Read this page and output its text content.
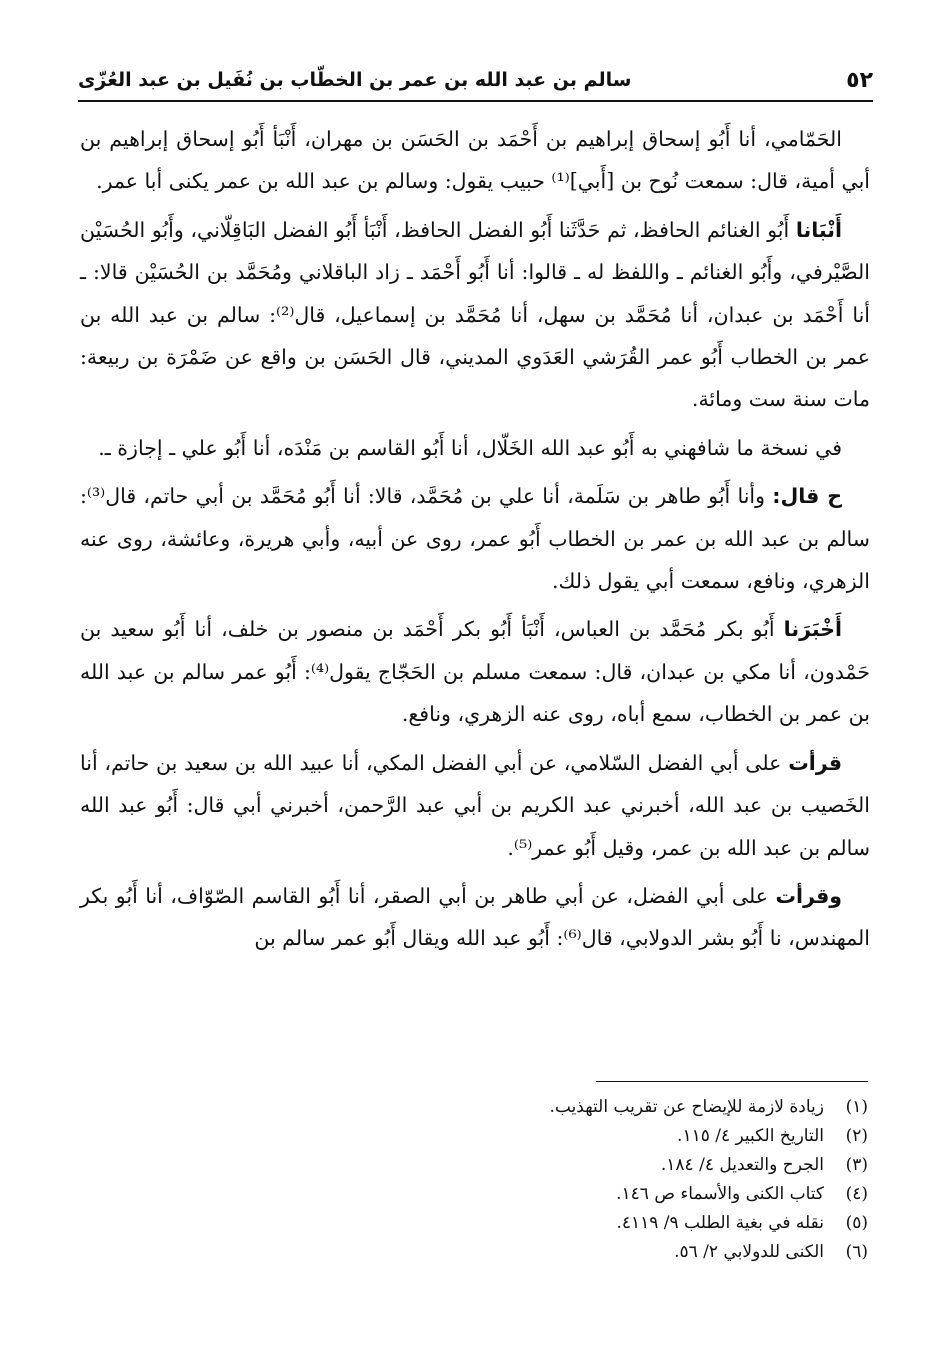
٥٢
سالم بن عبد الله بن عمر بن الخطّاب بن نُفَيل بن عبد العُزّى

الحَمّامي، أنا أَبُو إسحاق إبراهيم بن أَحْمَد بن الحَسَن بن مهران، أَنْبَأ أَبُو إسحاق إبراهيم بن أبي أمية، قال: سمعت نُوح بن [أَبي]⁽¹⁾ حبيب يقول: وسالم بن عبد الله بن عمر يكنى أبا عمر.

أَنْبَانا أَبُو الغنائم الحافظ، ثم حَدَّثَنا أَبُو الفضل الحافظ، أَنْبَأ أَبُو الفضل البَاقِلّاني، وأَبُو الحُسَيْن الصَّيْرفي، وأَبُو الغنائم ـ واللفظ له ـ قالوا: أنا أَبُو أَحْمَد ـ زاد الباقلاني ومُحَمَّد بن الحُسَيْن قالا: ـ أنا أَحْمَد بن عبدان، أنا مُحَمَّد بن سهل، أنا مُحَمَّد بن إسماعيل، قال⁽²⁾: سالم بن عبد الله بن عمر بن الخطاب أَبُو عمر القُرَشي العَدَوي المديني، قال الحَسَن بن واقع عن ضَمْرَة بن ربيعة: مات سنة ست ومائة.

في نسخة ما شافهني به أَبُو عبد الله الخَلّال، أنا أَبُو القاسم بن مَنْدَه، أنا أَبُو علي ـ إجازة ـ.

ح قال: وأنا أَبُو طاهر بن سَلَمة، أنا علي بن مُحَمَّد، قالا: أنا أَبُو مُحَمَّد بن أبي حاتم، قال⁽³⁾: سالم بن عبد الله بن عمر بن الخطاب أَبُو عمر، روى عن أبيه، وأبي هريرة، وعائشة، روى عنه الزهري، ونافع، سمعت أبي يقول ذلك.

أَخْبَرَنا أَبُو بكر مُحَمَّد بن العباس، أَنْبَأ أَبُو بكر أَحْمَد بن منصور بن خلف، أنا أَبُو سعيد بن حَمْدون، أنا مكي بن عبدان، قال: سمعت مسلم بن الحَجّاج يقول⁽⁴⁾: أَبُو عمر سالم بن عبد الله بن عمر بن الخطاب، سمع أباه، روى عنه الزهري، ونافع.

قرأت على أبي الفضل السّلامي، عن أبي الفضل المكي، أنا عبيد الله بن سعيد بن حاتم، أنا الخَصيب بن عبد الله، أخبرني عبد الكريم بن أبي عبد الرَّحمن، أخبرني أبي قال: أَبُو عبد الله سالم بن عبد الله بن عمر، وقيل أَبُو عمر⁽⁵⁾.

وقرأت على أبي الفضل، عن أبي طاهر بن أبي الصقر، أنا أَبُو القاسم الصّوّاف، أنا أَبُو بكر المهندس، نا أَبُو بشر الدولابي، قال⁽⁶⁾: أَبُو عبد الله ويقال أَبُو عمر سالم بن

(١)
زيادة لازمة للإيضاح عن تقريب التهذيب.
(٢)
التاريخ الكبير ٤/ ١١٥.
(٣)
الجرح والتعديل ٤/ ١٨٤.
(٤)
كتاب الكنى والأسماء ص ١٤٦.
(٥)
نقله في بغية الطلب ٩/ ٤١١٩.
(٦)
الكنى للدولابي ٢/ ٥٦.
